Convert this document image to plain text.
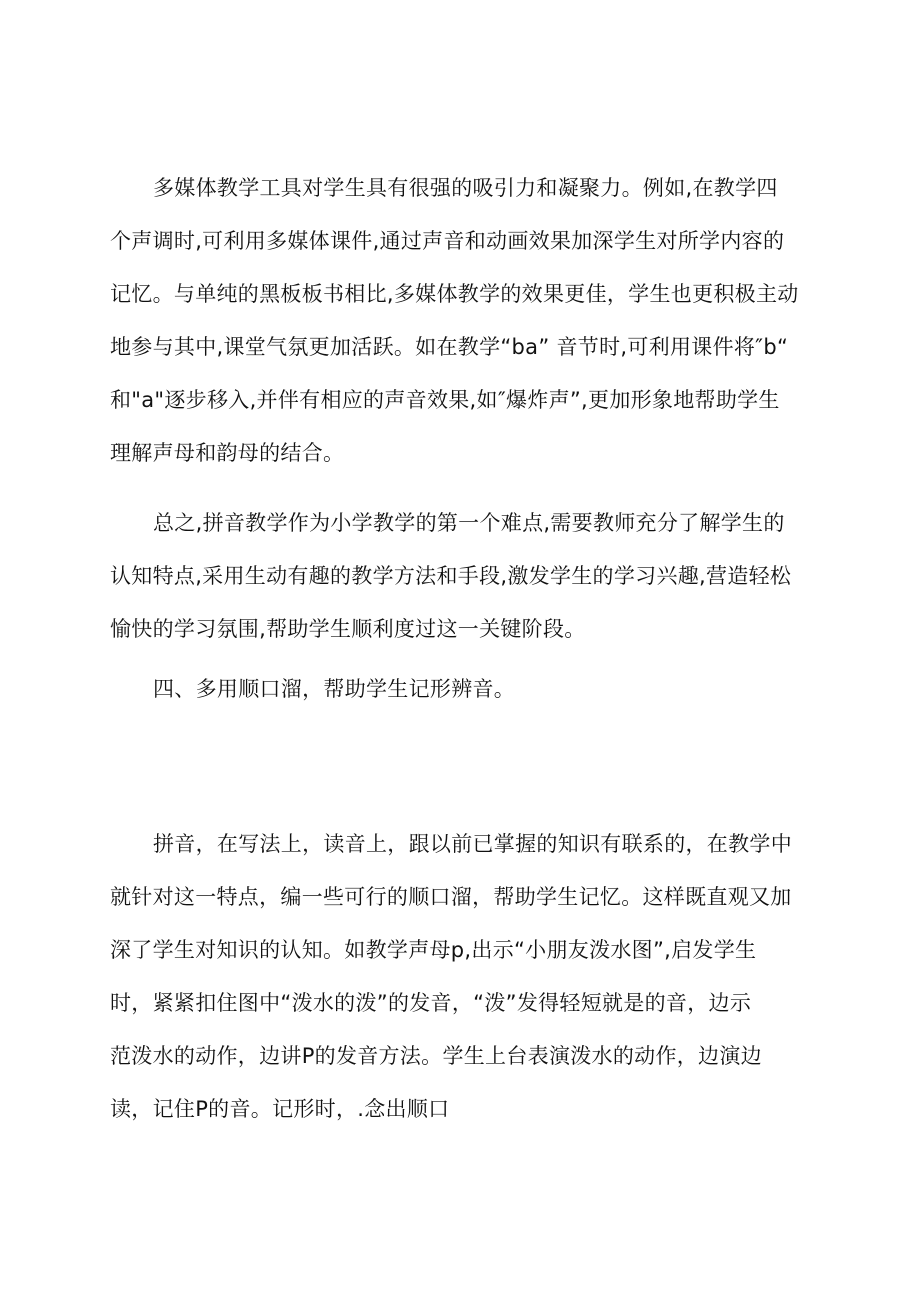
多媒体教学工具对学生具有很强的吸引力和凝聚力。例如,在教学四
个声调时,可利用多媒体课件,通过声音和动画效果加深学生对所学内容的
记忆。与单纯的黑板板书相比,多媒体教学的效果更佳，学生也更积极主动
地参与其中,课堂气氛更加活跃。如在教学“ba” 音节时,可利用课件将″b“
和"a"逐步移入,并伴有相应的声音效果,如″爆炸声”,更加形象地帮助学生
理解声母和韵母的结合。
总之,拼音教学作为小学教学的第一个难点,需要教师充分了解学生的
认知特点,采用生动有趣的教学方法和手段,激发学生的学习兴趣,营造轻松
愉快的学习氛围,帮助学生顺利度过这一关键阶段。
四、多用顺口溜，帮助学生记形辨音。
拼音，在写法上，读音上，跟以前已掌握的知识有联系的，在教学中
就针对这一特点，编一些可行的顺口溜，帮助学生记忆。这样既直观又加
深了学生对知识的认知。如教学声母p,出示“小朋友泼水图”,启发学生
时，紧紧扣住图中“泼水的泼”的发音，“泼”发得轻短就是的音，边示
范泼水的动作，边讲P的发音方法。学生上台表演泼水的动作，边演边
读，记住P的音。记形时，.念出顺口
